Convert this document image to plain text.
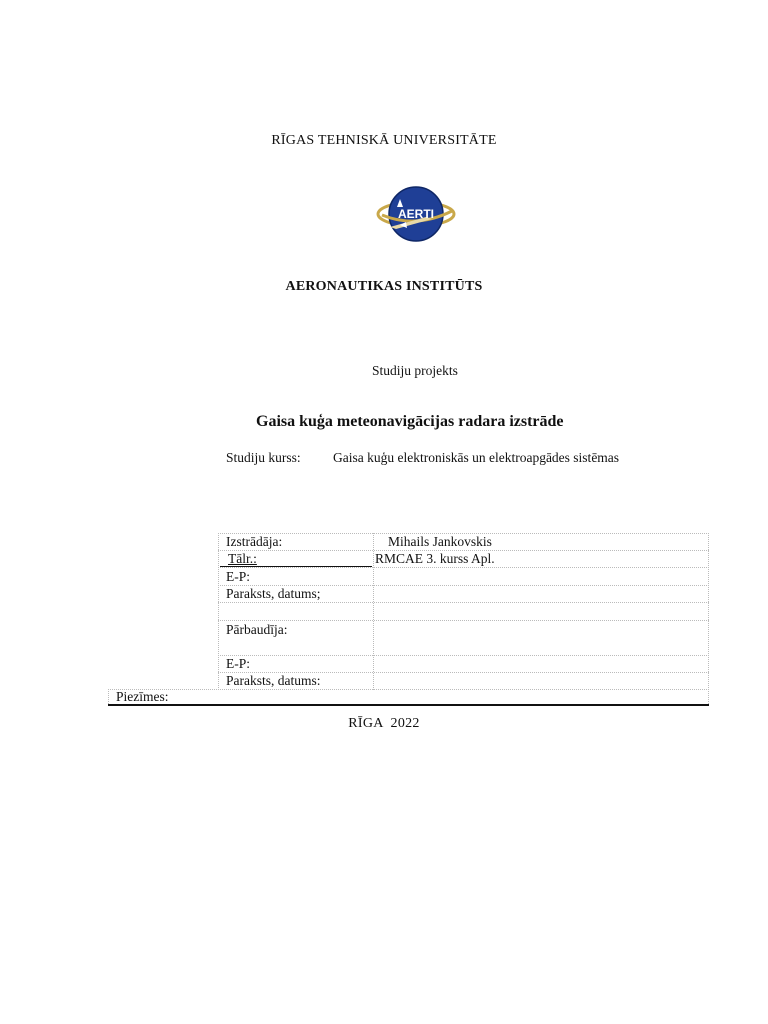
RĪGAS TEHNISKĀ UNIVERSITĀTE
AERTI
AERONAUTIKAS INSTITŪTS
Studiju projekts
Gaisa kuģa meteonavigācijas radara izstrāde
Studiju kurss: Gaisa kuģu elektroniskās un elektroapgādes sistēmas
Izstrādāja:	Mihails Jankovskis
Tālr.:	RMCAE 3. kurss Apl.
E-P:
Paraksts, datums;
Pārbaudīja:
E-P:
Paraksts, datums:
Piezīmes:
RĪGA  2022
